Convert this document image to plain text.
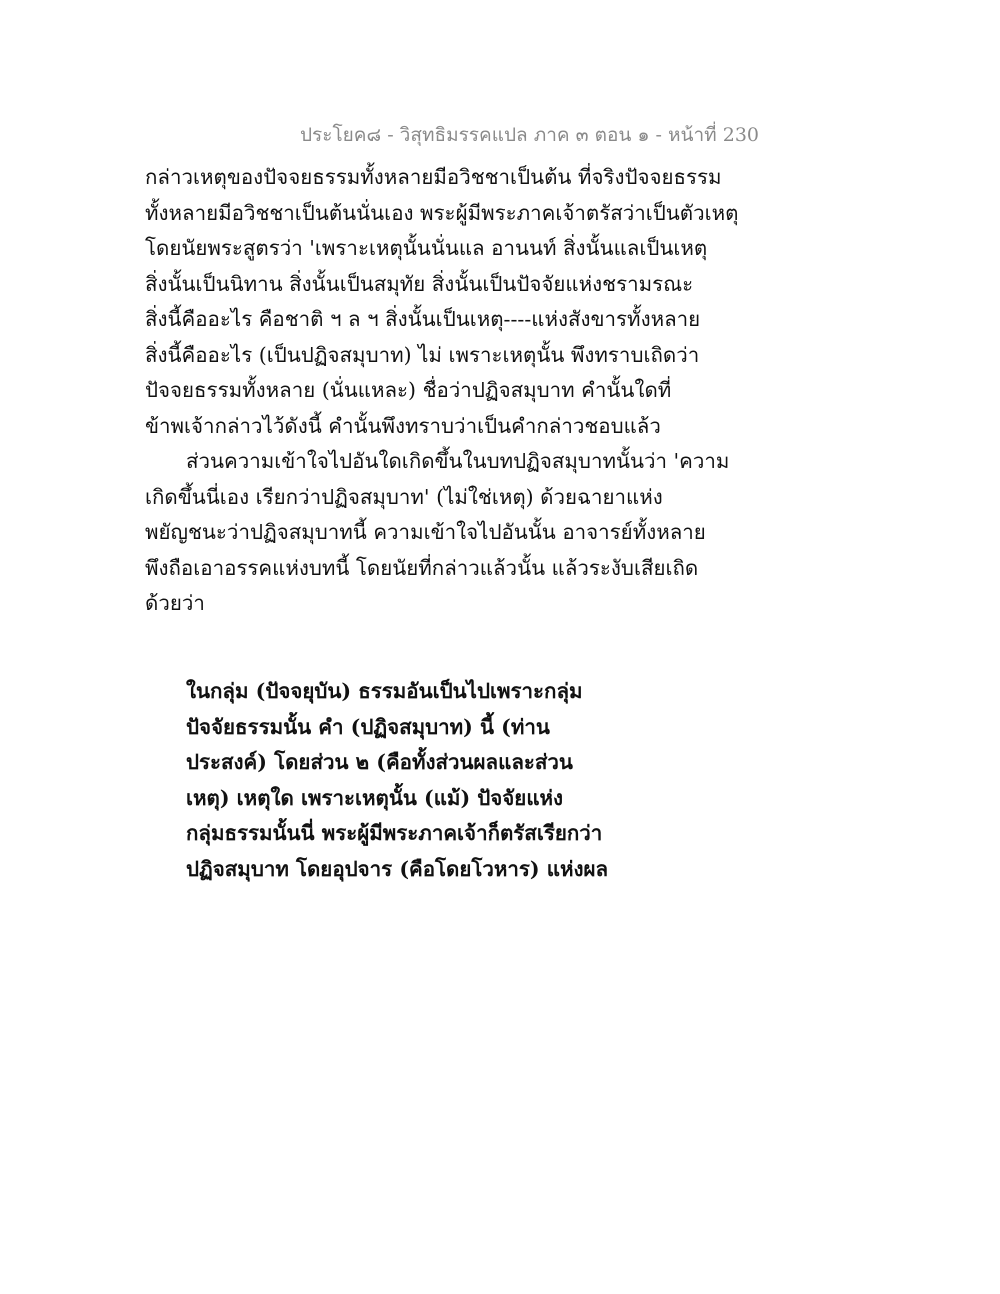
ประโยค๘ - วิสุทธิมรรคแปล ภาค ๓ ตอน ๑ - หน้าที่ 230
กล่าวเหตุของปัจจยธรรมทั้งหลายมีอวิชชาเป็นต้น ที่จริงปัจจยธรรม
ทั้งหลายมีอวิชชาเป็นต้นนั่นเอง พระผู้มีพระภาคเจ้าตรัสว่าเป็นตัวเหตุ
โดยนัยพระสูตรว่า 'เพราะเหตุนั้นนั่นแล อานนท์ สิ่งนั้นแลเป็นเหตุ
สิ่งนั้นเป็นนิทาน สิ่งนั้นเป็นสมุทัย สิ่งนั้นเป็นปัจจัยแห่งชรามรณะ
สิ่งนี้คืออะไร คือชาติ ฯ ล ฯ สิ่งนั้นเป็นเหตุ----แห่งสังขารทั้งหลาย
สิ่งนี้คืออะไร (เป็นปฏิจสมุบาท) ไม่ เพราะเหตุนั้น พึงทราบเถิดว่า
ปัจจยธรรมทั้งหลาย (นั่นแหละ) ชื่อว่าปฏิจสมุบาท คำนั้นใดที่
ข้าพเจ้ากล่าวไว้ดังนี้ คำนั้นพึงทราบว่าเป็นคำกล่าวชอบแล้ว
ส่วนความเข้าใจไปอันใดเกิดขึ้นในบทปฏิจสมุบาทนั้นว่า 'ความ
เกิดขึ้นนี่เอง เรียกว่าปฏิจสมุบาท' (ไม่ใช่เหตุ) ด้วยฉายาแห่ง
พยัญชนะว่าปฏิจสมุบาทนี้ ความเข้าใจไปอันนั้น อาจารย์ทั้งหลาย
พึงถือเอาอรรคแห่งบทนี้ โดยนัยที่กล่าวแล้วนั้น แล้วระงับเสียเถิด
ด้วยว่า
ในกลุ่ม (ปัจจยุบัน) ธรรมอันเป็นไปเพราะกลุ่ม
ปัจจัยธรรมนั้น คำ (ปฏิจสมุบาท) นี้ (ท่าน
ประสงค์) โดยส่วน ๒ (คือทั้งส่วนผลและส่วน
เหตุ) เหตุใด เพราะเหตุนั้น (แม้) ปัจจัยแห่ง
กลุ่มธรรมนั้นนี่ พระผู้มีพระภาคเจ้าก็ตรัสเรียกว่า
ปฏิจสมุบาท โดยอุปจาร (คือโดยโวหาร) แห่งผล
